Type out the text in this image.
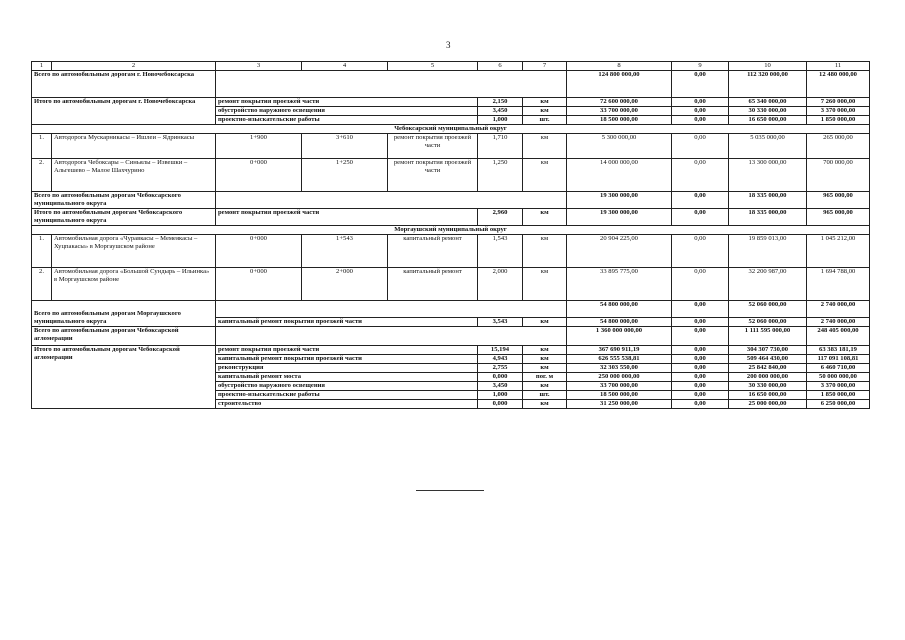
3
1	2	3	4	5	6	7	8	9	10	11
Всего по автомобильным дорогам г. Новочебоксарска							124 800 000,00	0,00	112 320 000,00	12 480 000,00
Итого по автомобильным дорогам г. Новочебоксарска		ремонт покрытия проезжей части			2,150	км	72 600 000,00	0,00	65 340 000,00	7 260 000,00
		обустройство наружного освещения			3,450	км	33 700 000,00	0,00	30 330 000,00	3 370 000,00
		проектно-изыскательские работы			1,000	шт.	18 500 000,00	0,00	16 650 000,00	1 850 000,00
Чебоксарский муниципальный округ										
1.	Автодорога Мускарникасы – Ишлеи – Ядринкасы	1+900	3+610	ремонт покрытия проезжей части	1,710	км	5 300 000,00	0,00	5 035 000,00	265 000,00
2.	Автодорога Чебоксары – Синьялы – Извешки – Альгешево – Малое Шахчурино	0+000	1+250	ремонт покрытия проезжей части	1,250	км	14 000 000,00	0,00	13 300 000,00	700 000,00
Всего по автомобильным дорогам Чебоксарского муниципального округа							19 300 000,00	0,00	18 335 000,00	965 000,00
Итого по автомобильным дорогам Чебоксарского муниципального округа		ремонт покрытия проезжей части			2,960	км	19 300 000,00	0,00	18 335 000,00	965 000,00
Моргаушский муниципальный округ										
1.	Автомобильная дорога «Чуравкасы – Мемеякасы – Хуцпакасы» в Моргаушском районе	0+000	1+543	капитальный ремонт	1,543	км	20 904 225,00	0,00	19 859 013,00	1 045 212,00
2.	Автомобильная дорога «Большой Сундырь – Ильинка» в Моргаушском районе	0+000	2+000	капитальный ремонт	2,000	км	33 895 775,00	0,00	32 200 987,00	1 694 788,00
Всего по автомобильным дорогам Моргаушского муниципального округа							54 800 000,00	0,00	52 060 000,00	2 740 000,00
		капитальный ремонт покрытия проезжей части			3,543	км	54 800 000,00	0,00	52 060 000,00	2 740 000,00
Всего по автомобильным дорогам Чебоксарской агломерации							1 360 000 000,00	0,00	1 111 595 000,00	248 405 000,00
Итого по автомобильным дорогам Чебоксарской агломерации		ремонт покрытия проезжей части			15,194	км	367 690 911,19	0,00	304 307 730,00	63 383 181,19
		капитальный ремонт покрытия проезжей части			4,943	км	626 555 538,81	0,00	509 464 430,00	117 091 108,81
		реконструкция			2,755	км	32 303 550,00	0,00	25 842 840,00	6 460 710,00
		капитальный ремонт моста			0,000	пог. м	250 000 000,00	0,00	200 000 000,00	50 000 000,00
		обустройство наружного освещения			3,450	км	33 700 000,00	0,00	30 330 000,00	3 370 000,00
		проектно-изыскательские работы			1,000	шт.	18 500 000,00	0,00	16 650 000,00	1 850 000,00
		строительство			0,000	км	31 250 000,00	0,00	25 000 000,00	6 250 000,00
